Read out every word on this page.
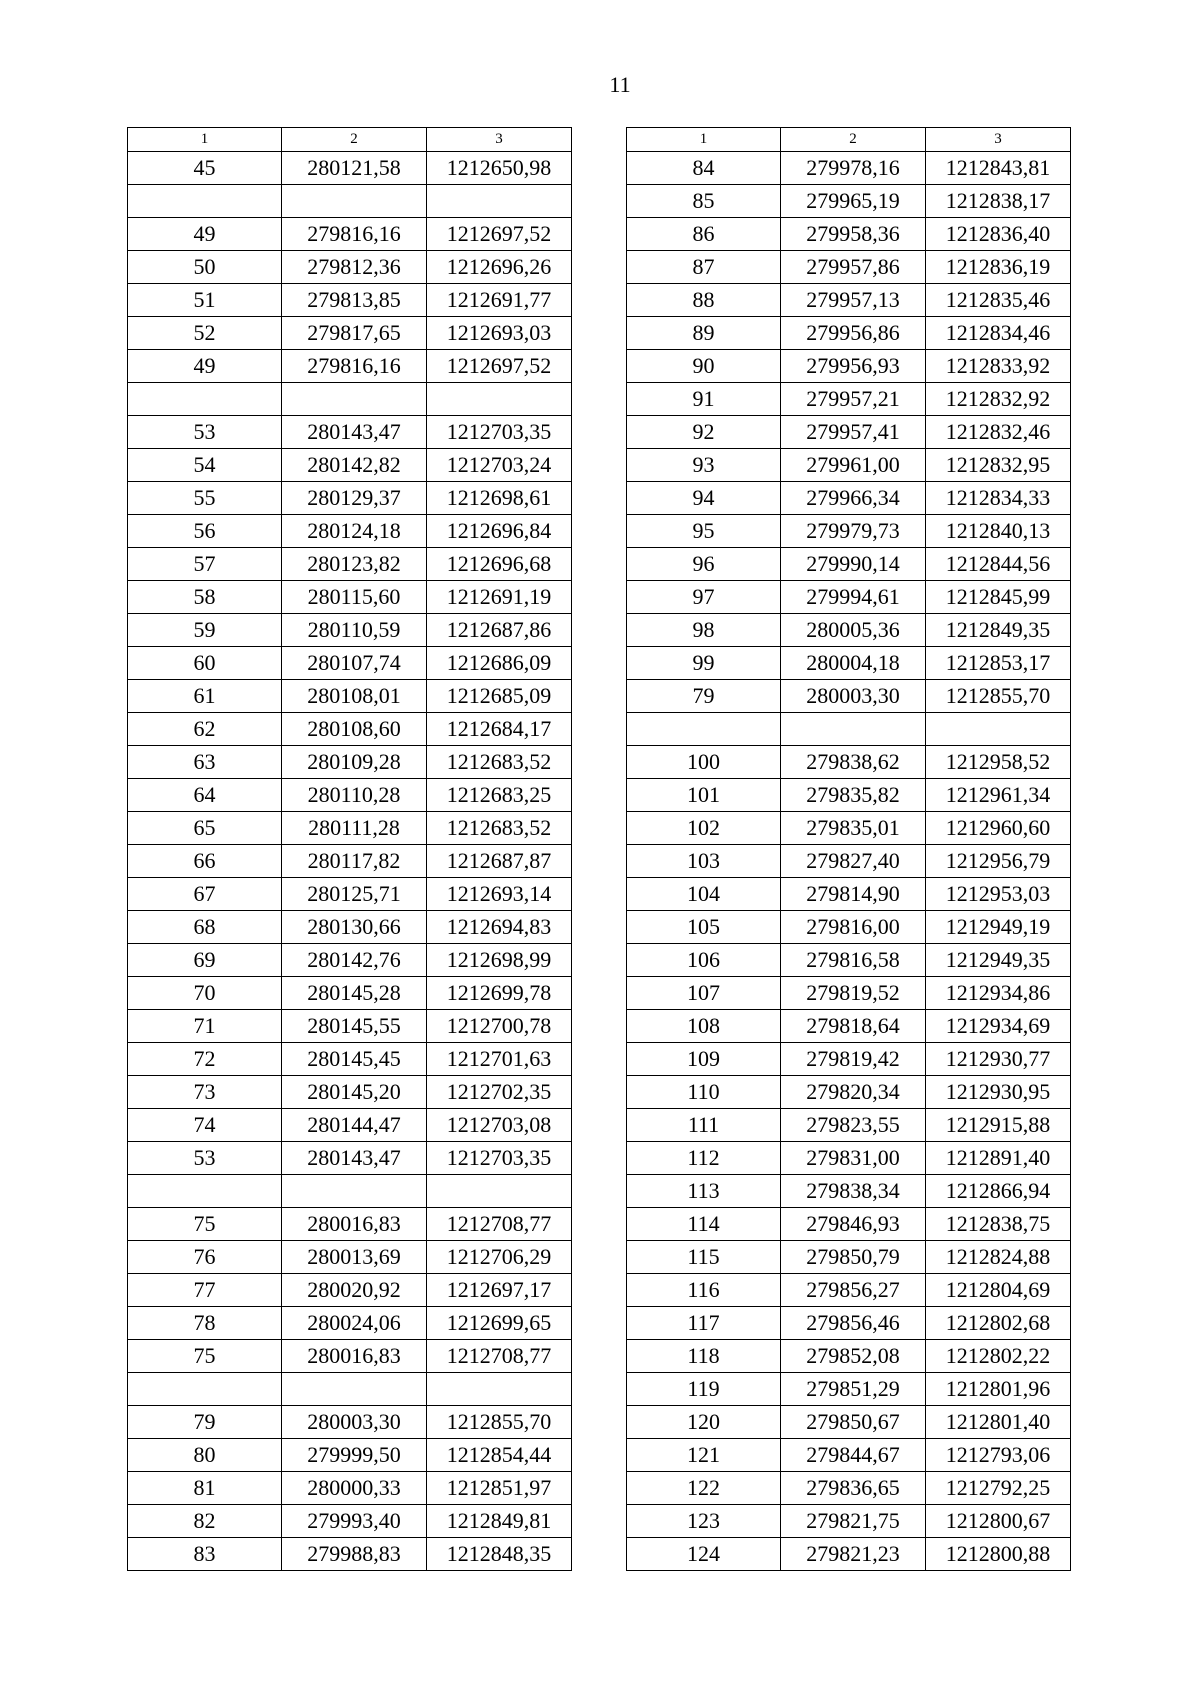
11
1	2	3
45	280121,58	1212650,98

49	279816,16	1212697,52
50	279812,36	1212696,26
51	279813,85	1212691,77
52	279817,65	1212693,03
49	279816,16	1212697,52

53	280143,47	1212703,35
54	280142,82	1212703,24
55	280129,37	1212698,61
56	280124,18	1212696,84
57	280123,82	1212696,68
58	280115,60	1212691,19
59	280110,59	1212687,86
60	280107,74	1212686,09
61	280108,01	1212685,09
62	280108,60	1212684,17
63	280109,28	1212683,52
64	280110,28	1212683,25
65	280111,28	1212683,52
66	280117,82	1212687,87
67	280125,71	1212693,14
68	280130,66	1212694,83
69	280142,76	1212698,99
70	280145,28	1212699,78
71	280145,55	1212700,78
72	280145,45	1212701,63
73	280145,20	1212702,35
74	280144,47	1212703,08
53	280143,47	1212703,35

75	280016,83	1212708,77
76	280013,69	1212706,29
77	280020,92	1212697,17
78	280024,06	1212699,65
75	280016,83	1212708,77

79	280003,30	1212855,70
80	279999,50	1212854,44
81	280000,33	1212851,97
82	279993,40	1212849,81
83	279988,83	1212848,35
1	2	3
84	279978,16	1212843,81
85	279965,19	1212838,17
86	279958,36	1212836,40
87	279957,86	1212836,19
88	279957,13	1212835,46
89	279956,86	1212834,46
90	279956,93	1212833,92
91	279957,21	1212832,92
92	279957,41	1212832,46
93	279961,00	1212832,95
94	279966,34	1212834,33
95	279979,73	1212840,13
96	279990,14	1212844,56
97	279994,61	1212845,99
98	280005,36	1212849,35
99	280004,18	1212853,17
79	280003,30	1212855,70

100	279838,62	1212958,52
101	279835,82	1212961,34
102	279835,01	1212960,60
103	279827,40	1212956,79
104	279814,90	1212953,03
105	279816,00	1212949,19
106	279816,58	1212949,35
107	279819,52	1212934,86
108	279818,64	1212934,69
109	279819,42	1212930,77
110	279820,34	1212930,95
111	279823,55	1212915,88
112	279831,00	1212891,40
113	279838,34	1212866,94
114	279846,93	1212838,75
115	279850,79	1212824,88
116	279856,27	1212804,69
117	279856,46	1212802,68
118	279852,08	1212802,22
119	279851,29	1212801,96
120	279850,67	1212801,40
121	279844,67	1212793,06
122	279836,65	1212792,25
123	279821,75	1212800,67
124	279821,23	1212800,88
